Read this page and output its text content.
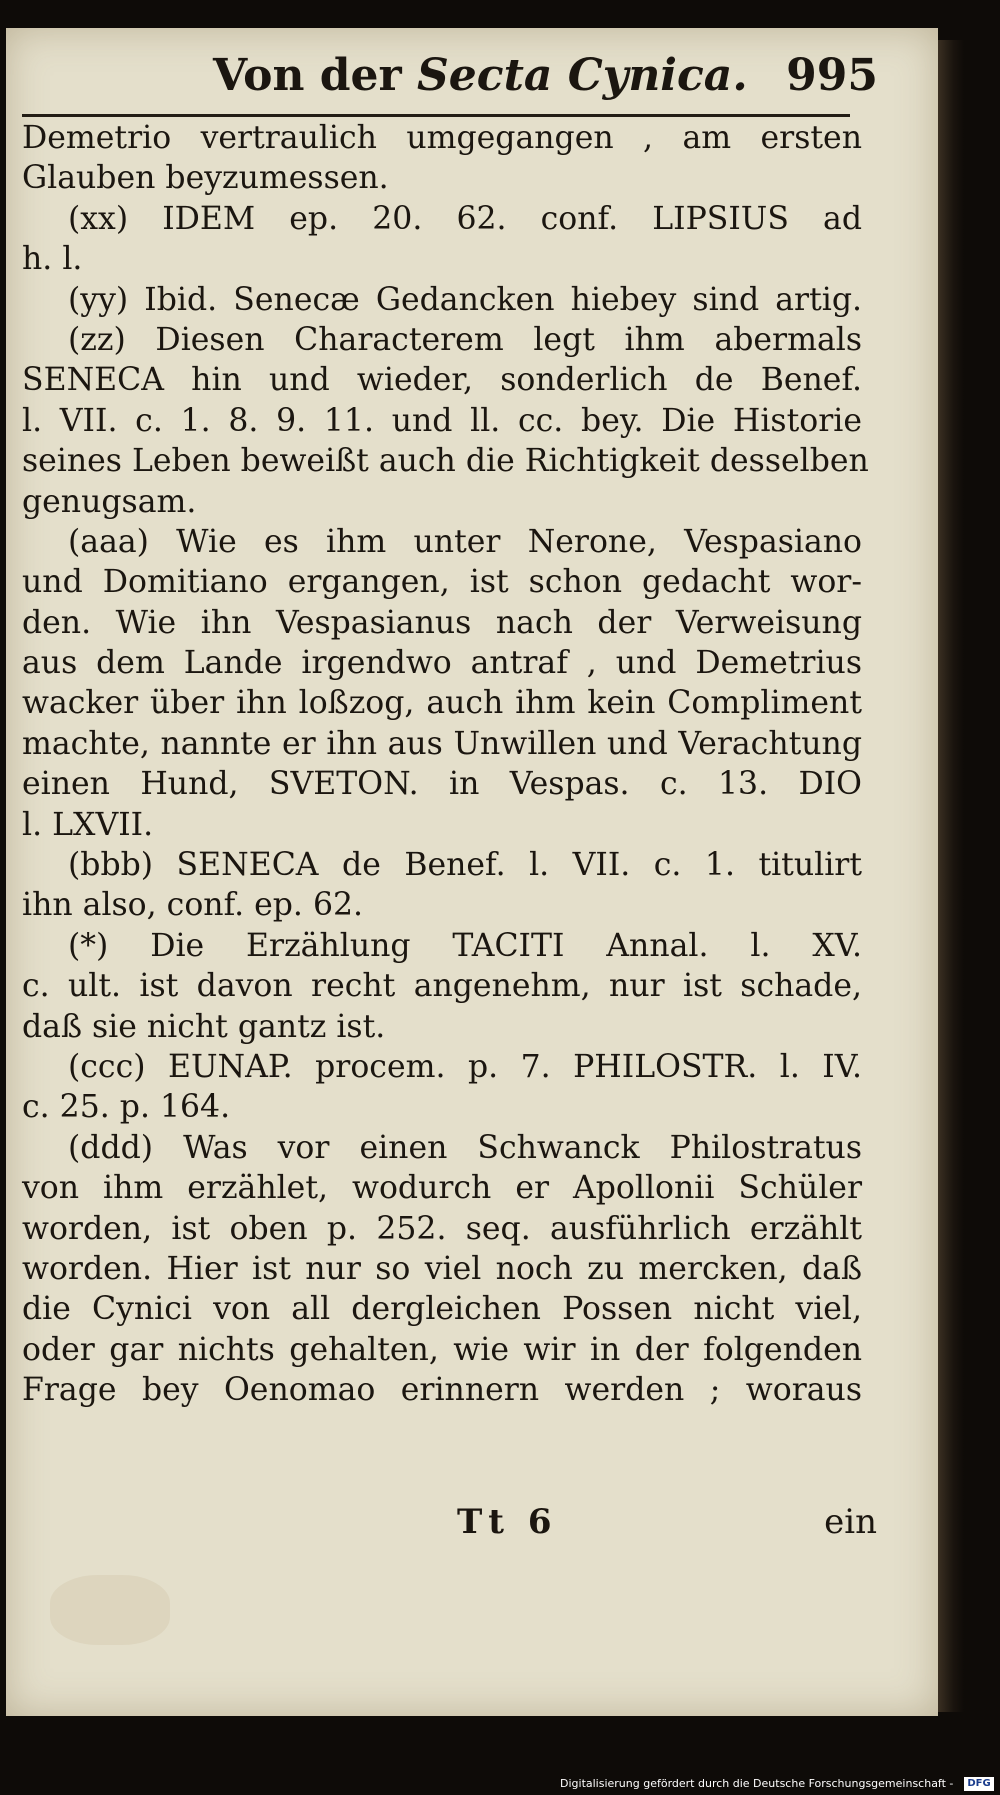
Von der Secta Cynica. 995
Demetrio vertraulich umgegangen , am ersten
Glauben beyzumessen.
(xx) IDEM ep. 20. 62. conf. LIPSIUS ad
h. l.
(yy) Ibid. Senecæ Gedancken hiebey sind artig.
(zz) Diesen Characterem legt ihm abermals
SENECA hin und wieder, sonderlich de Benef.
l. VII. c. 1. 8. 9. 11. und ll. cc. bey. Die Historie
seines Leben beweißt auch die Richtigkeit desselben
genugsam.
(aaa) Wie es ihm unter Nerone, Vespasiano
und Domitiano ergangen, ist schon gedacht wor-
den. Wie ihn Vespasianus nach der Verweisung
aus dem Lande irgendwo antraf , und Demetrius
wacker über ihn loßzog, auch ihm kein Compliment
machte, nannte er ihn aus Unwillen und Verachtung
einen Hund, SVETON. in Vespas. c. 13. DIO
l. LXVII.
(bbb) SENECA de Benef. l. VII. c. 1. titulirt
ihn also, conf. ep. 62.
(*) Die Erzählung TACITI Annal. l. XV.
c. ult. ist davon recht angenehm, nur ist schade,
daß sie nicht gantz ist.
(ccc) EUNAP. procem. p. 7. PHILOSTR. l. IV.
c. 25. p. 164.
(ddd) Was vor einen Schwanck Philostratus
von ihm erzählet, wodurch er Apollonii Schüler
worden, ist oben p. 252. seq. ausführlich erzählt
worden. Hier ist nur so viel noch zu mercken, daß
die Cynici von all dergleichen Possen nicht viel,
oder gar nichts gehalten, wie wir in der folgenden
Frage bey Oenomao erinnern werden ; woraus
Tt 6	ein
Digitalisierung gefördert durch die Deutsche Forschungsgemeinschaft -	DFG
